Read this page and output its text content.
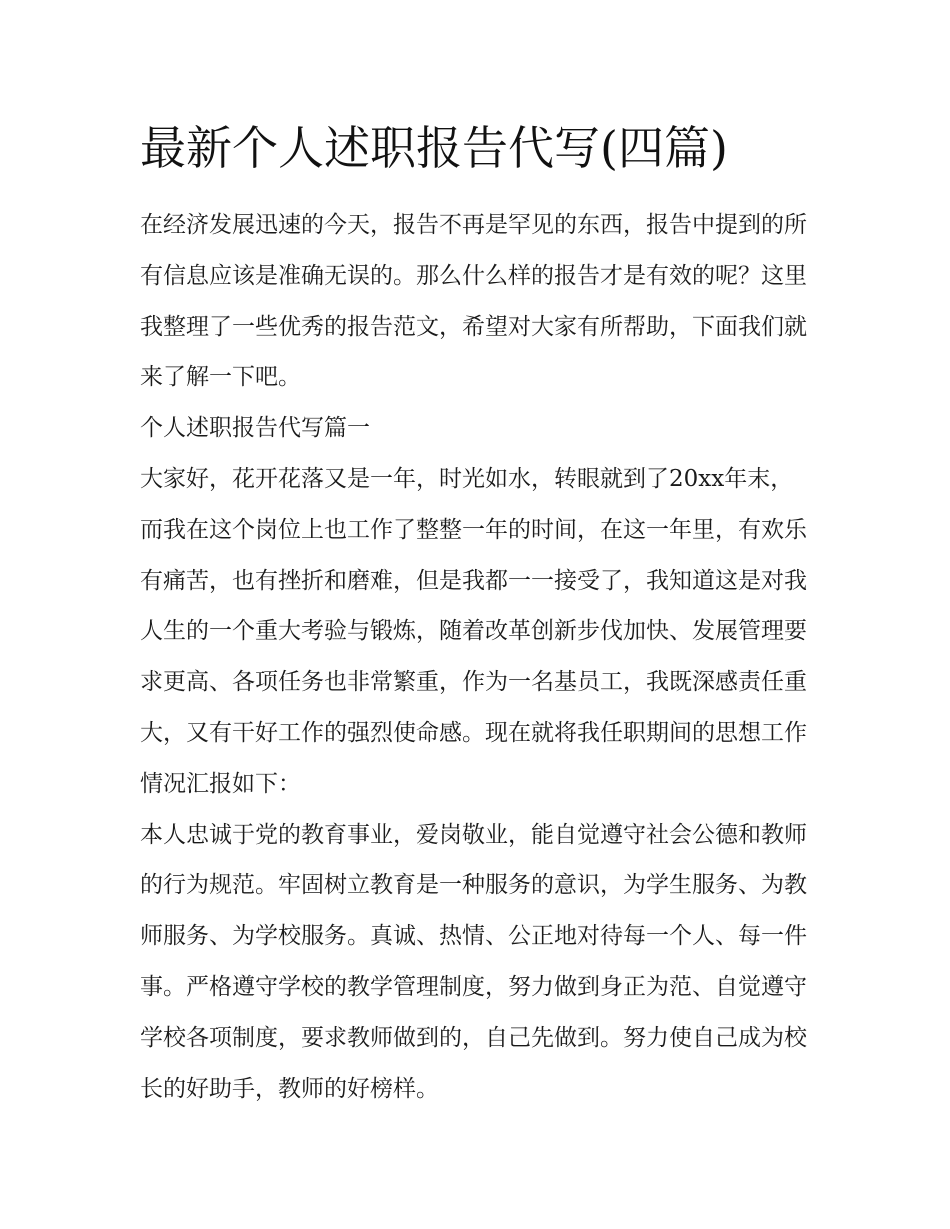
最新个人述职报告代写(四篇)

在经济发展迅速的今天，报告不再是罕见的东西，报告中提到的所有信息应该是准确无误的。那么什么样的报告才是有效的呢？这里我整理了一些优秀的报告范文，希望对大家有所帮助，下面我们就来了解一下吧。

个人述职报告代写篇一

大家好，花开花落又是一年，时光如水，转眼就到了20xx年末，而我在这个岗位上也工作了整整一年的时间，在这一年里，有欢乐有痛苦，也有挫折和磨难，但是我都一一接受了，我知道这是对我人生的一个重大考验与锻炼，随着改革创新步伐加快、发展管理要求更高、各项任务也非常繁重，作为一名基员工，我既深感责任重大，又有干好工作的强烈使命感。现在就将我任职期间的思想工作情况汇报如下：

本人忠诚于党的教育事业，爱岗敬业，能自觉遵守社会公德和教师的行为规范。牢固树立教育是一种服务的意识，为学生服务、为教师服务、为学校服务。真诚、热情、公正地对待每一个人、每一件事。严格遵守学校的教学管理制度，努力做到身正为范、自觉遵守学校各项制度，要求教师做到的，自己先做到。努力使自己成为校长的好助手，教师的好榜样。
